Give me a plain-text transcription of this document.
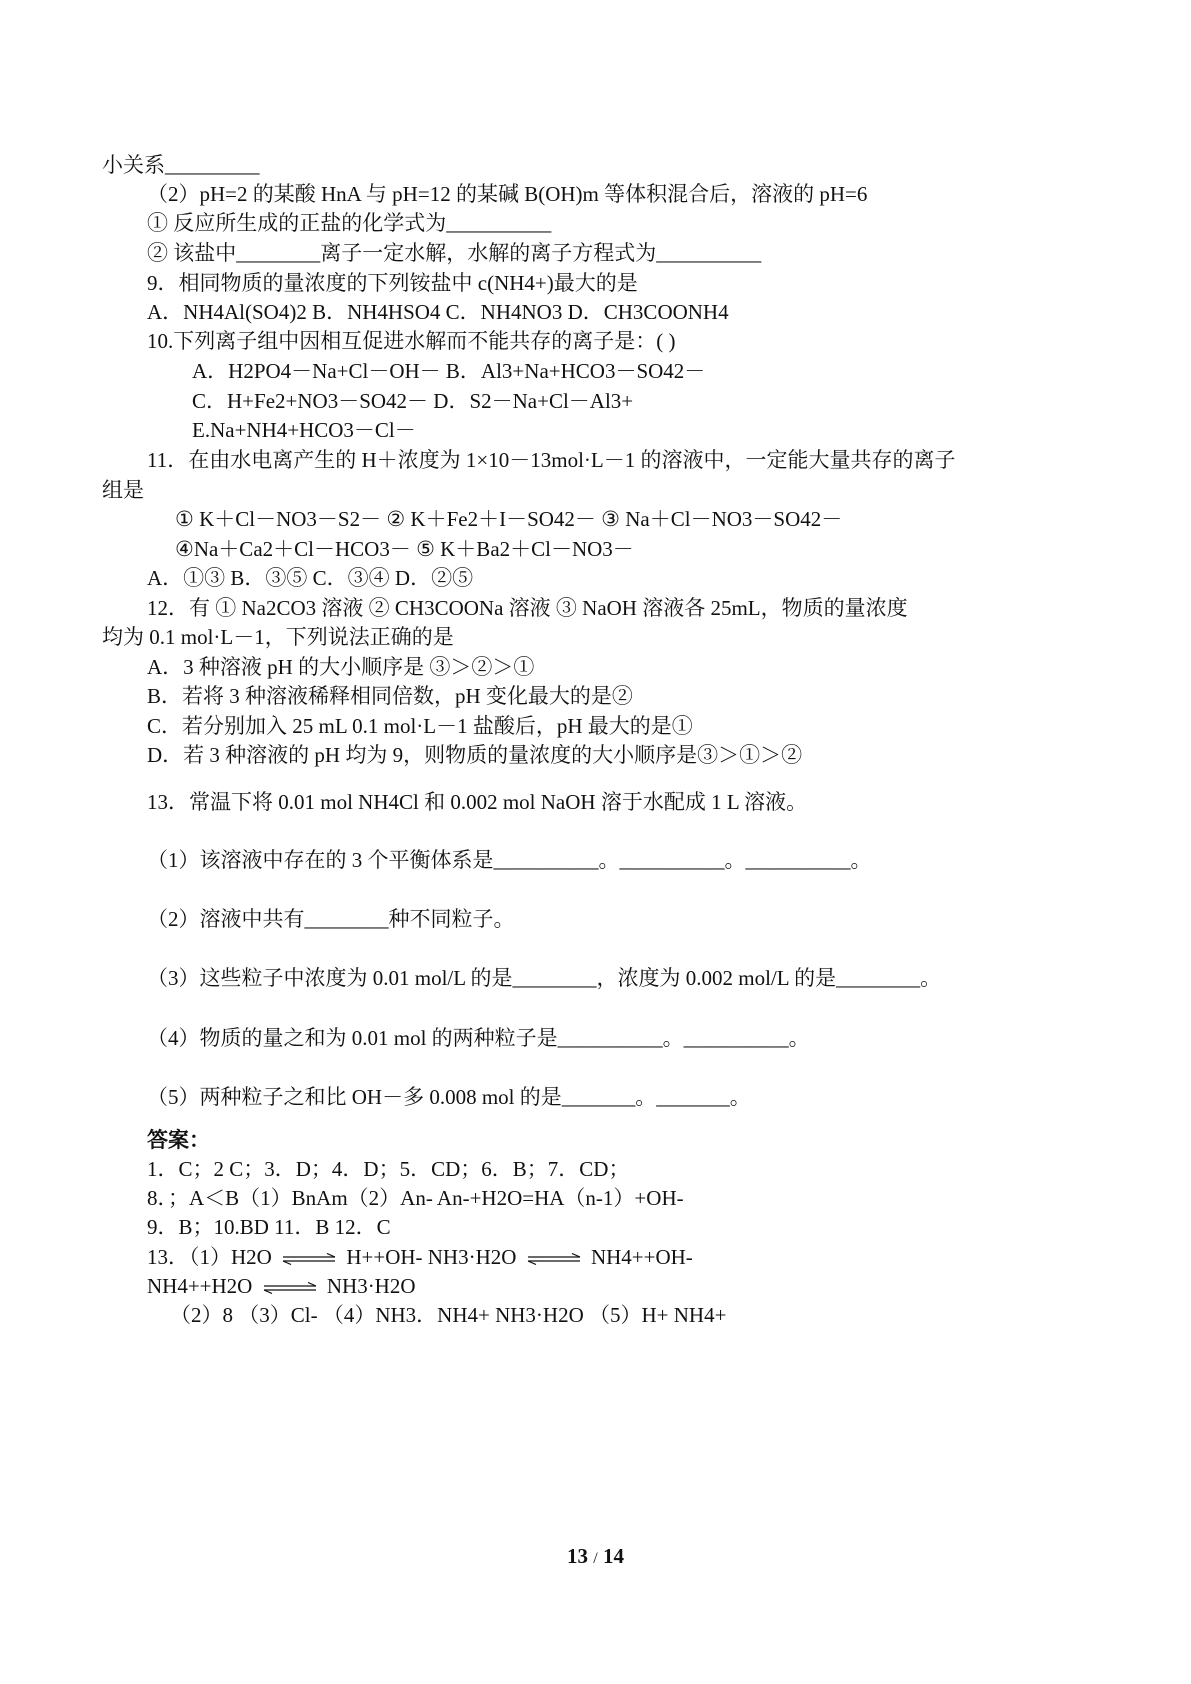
小关系_________
（2）pH=2 的某酸 HnA 与 pH=12 的某碱 B(OH)m 等体积混合后，溶液的 pH=6
① 反应所生成的正盐的化学式为__________
② 该盐中________离子一定水解，水解的离子方程式为__________
9．相同物质的量浓度的下列铵盐中 c(NH4+)最大的是
A．NH4Al(SO4)2 B．NH4HSO4 C．NH4NO3 D．CH3COONH4
10.下列离子组中因相互促进水解而不能共存的离子是：( )
A．H2PO4－Na+Cl－OH－ B．Al3+Na+HCO3－SO42－
C．H+Fe2+NO3－SO42－ D．S2－Na+Cl－Al3+
E.Na+NH4+HCO3－Cl－
11．在由水电离产生的 H＋浓度为 1×10－13mol·L－1 的溶液中，一定能大量共存的离子
组是
① K＋Cl－NO3－S2－ ② K＋Fe2＋I－SO42－ ③ Na＋Cl－NO3－SO42－
④Na＋Ca2＋Cl－HCO3－ ⑤ K＋Ba2＋Cl－NO3－
A．①③ B．③⑤ C．③④ D．②⑤
12．有 ① Na2CO3 溶液 ② CH3COONa 溶液 ③ NaOH 溶液各 25mL，物质的量浓度
均为 0.1 mol·L－1，下列说法正确的是
A．3 种溶液 pH 的大小顺序是 ③＞②＞①
B．若将 3 种溶液稀释相同倍数，pH 变化最大的是②
C．若分别加入 25 mL 0.1 mol·L－1 盐酸后，pH 最大的是①
D．若 3 种溶液的 pH 均为 9，则物质的量浓度的大小顺序是③＞①＞②
13．常温下将 0.01 mol NH4Cl 和 0.002 mol NaOH 溶于水配成 1 L 溶液。
（1）该溶液中存在的 3 个平衡体系是__________。__________。__________。
（2）溶液中共有________种不同粒子。
（3）这些粒子中浓度为 0.01 mol/L 的是________，浓度为 0.002 mol/L 的是________。
（4）物质的量之和为 0.01 mol 的两种粒子是__________。__________。
（5）两种粒子之和比 OH－多 0.008 mol 的是_______。_______。
答案：
1．C；2 C；3．D；4．D；5．CD；6．B；7．CD；
8．；A＜B（1）BnAm（2）An- An-+H2O=HA（n-1）+OH-
9．B；10.BD 11．B 12．C
13．（1）H2O ⇌ H++OH- NH3·H2O ⇌ NH4++OH-
NH4++H2O ⇌ NH3·H2O
（2）8 （3）Cl- （4）NH3．NH4+ NH3·H2O （5）H+ NH4+
13 / 14
